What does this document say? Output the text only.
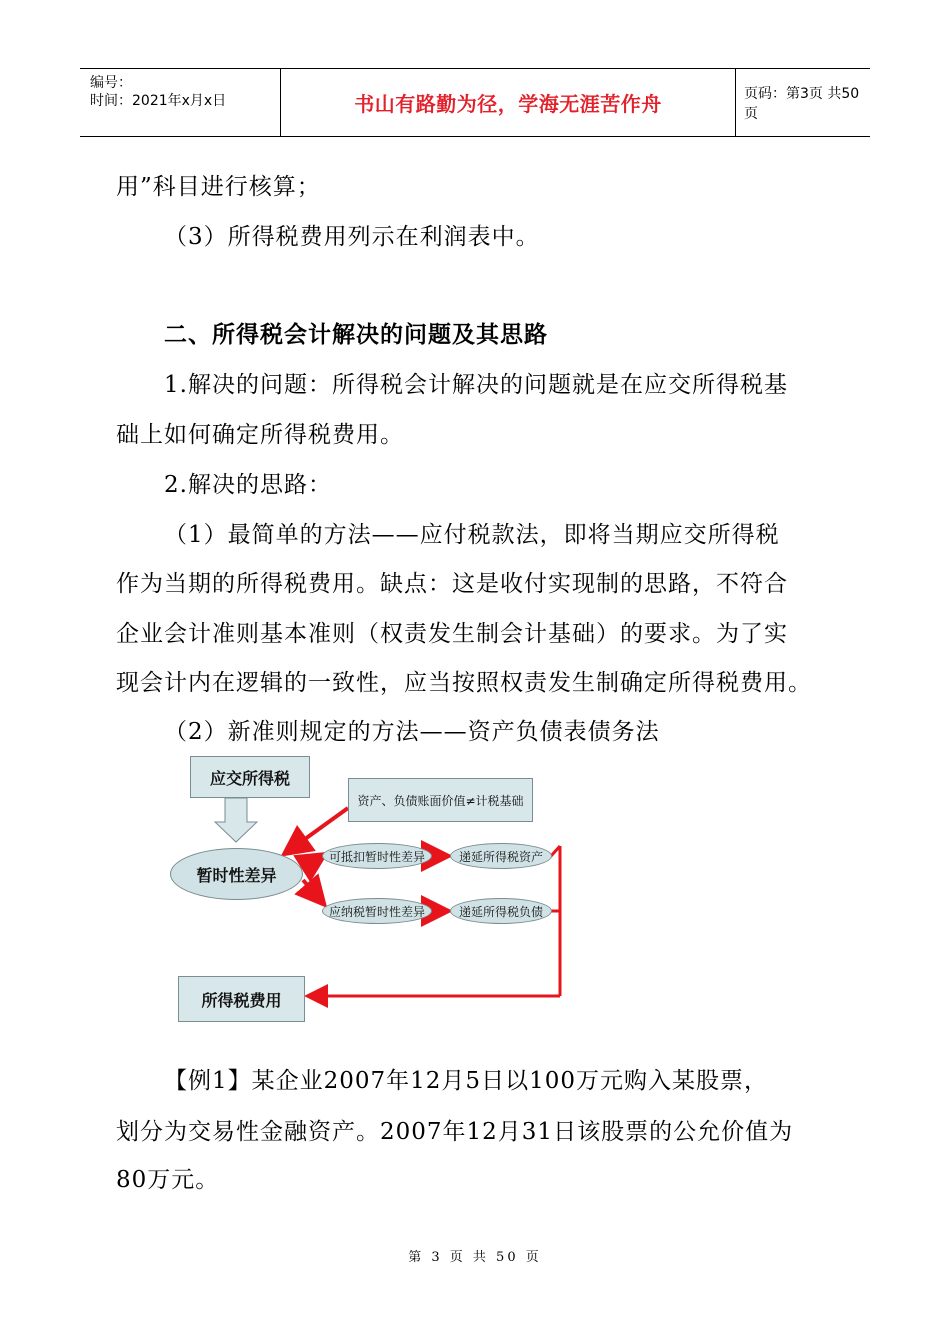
编号：
时间：2021年x月x日	书山有路勤为径，学海无涯苦作舟	页码：第3页 共50页
用”科目进行核算；
（3）所得税费用列示在利润表中。
二、所得税会计解决的问题及其思路
1.解决的问题：所得税会计解决的问题就是在应交所得税基
础上如何确定所得税费用。
2.解决的思路：
（1）最简单的方法——应付税款法，即将当期应交所得税
作为当期的所得税费用。缺点：这是收付实现制的思路，不符合
企业会计准则基本准则（权责发生制会计基础）的要求。为了实
现会计内在逻辑的一致性，应当按照权责发生制确定所得税费用。
（2）新准则规定的方法——资产负债表债务法
应交所得税
资产、负债账面价值≠计税基础
暂时性差异
可抵扣暂时性差异
应纳税暂时性差异
递延所得税资产
递延所得税负债
所得税费用
【例1】某企业2007年12月5日以100万元购入某股票，
划分为交易性金融资产。2007年12月31日该股票的公允价值为
80万元。
第 3 页 共 50 页
